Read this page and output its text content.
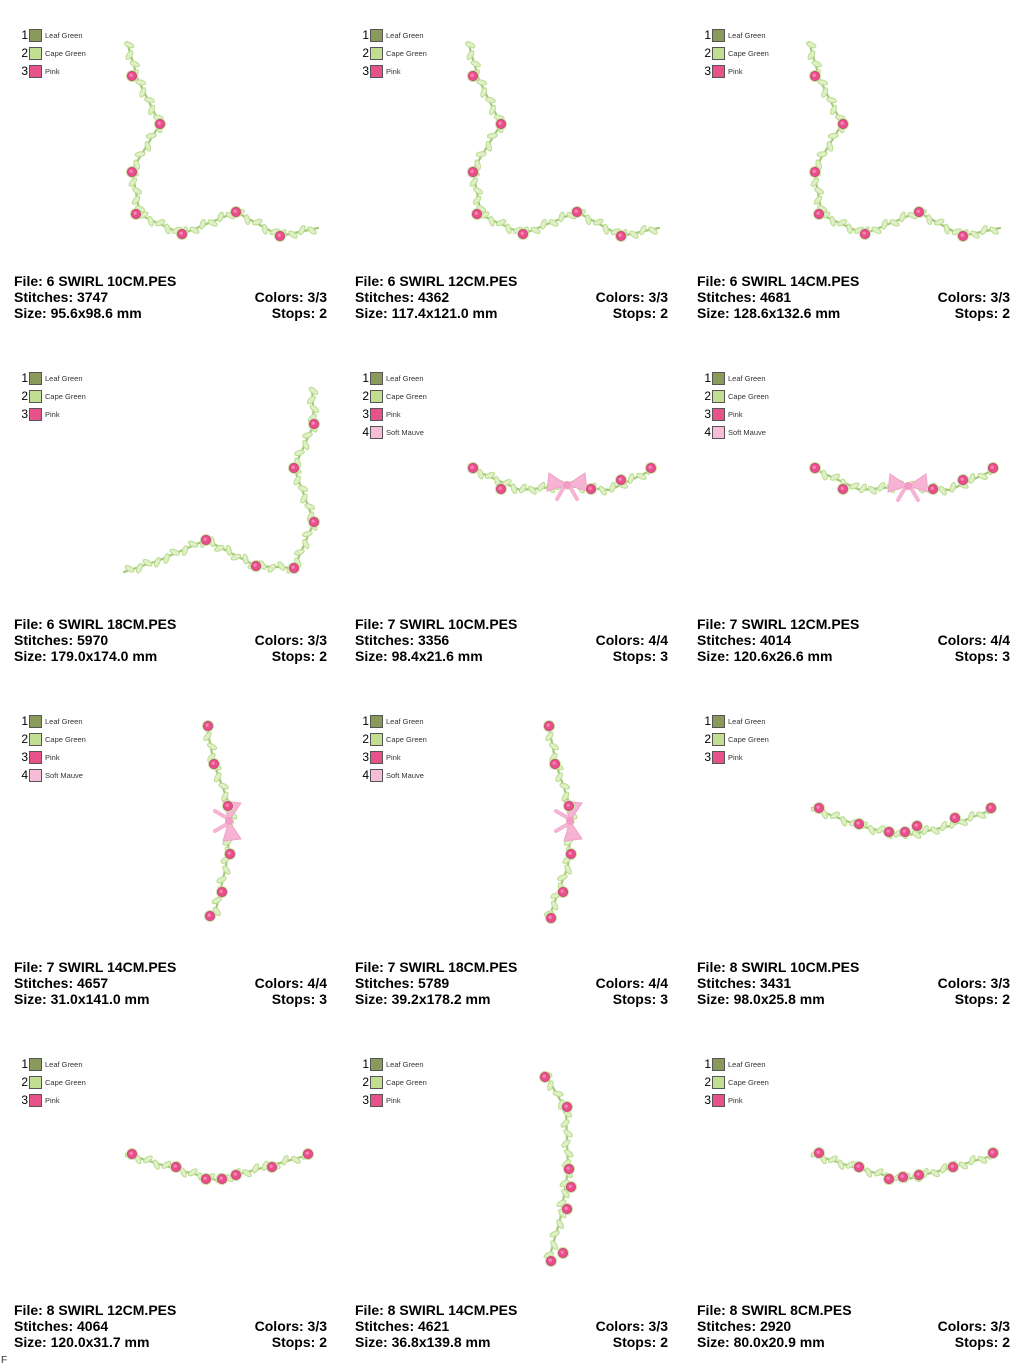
1 Leaf Green
2 Cape Green
3 Pink
File: 6 SWIRL 10CM.PES
Stitches: 3747	Colors: 3/3
Size: 95.6x98.6 mm	Stops: 2
1 Leaf Green
2 Cape Green
3 Pink
File: 6 SWIRL 12CM.PES
Stitches: 4362	Colors: 3/3
Size: 117.4x121.0 mm	Stops: 2
1 Leaf Green
2 Cape Green
3 Pink
File: 6 SWIRL 14CM.PES
Stitches: 4681	Colors: 3/3
Size: 128.6x132.6 mm	Stops: 2
1 Leaf Green
2 Cape Green
3 Pink
File: 6 SWIRL 18CM.PES
Stitches: 5970	Colors: 3/3
Size: 179.0x174.0 mm	Stops: 2
1 Leaf Green
2 Cape Green
3 Pink
4 Soft Mauve
File: 7 SWIRL 10CM.PES
Stitches: 3356	Colors: 4/4
Size: 98.4x21.6 mm	Stops: 3
1 Leaf Green
2 Cape Green
3 Pink
4 Soft Mauve
File: 7 SWIRL 12CM.PES
Stitches: 4014	Colors: 4/4
Size: 120.6x26.6 mm	Stops: 3
1 Leaf Green
2 Cape Green
3 Pink
4 Soft Mauve
File: 7 SWIRL 14CM.PES
Stitches: 4657	Colors: 4/4
Size: 31.0x141.0 mm	Stops: 3
1 Leaf Green
2 Cape Green
3 Pink
4 Soft Mauve
File: 7 SWIRL 18CM.PES
Stitches: 5789	Colors: 4/4
Size: 39.2x178.2 mm	Stops: 3
1 Leaf Green
2 Cape Green
3 Pink
File: 8 SWIRL 10CM.PES
Stitches: 3431	Colors: 3/3
Size: 98.0x25.8 mm	Stops: 2
1 Leaf Green
2 Cape Green
3 Pink
File: 8 SWIRL 12CM.PES
Stitches: 4064	Colors: 3/3
Size: 120.0x31.7 mm	Stops: 2
1 Leaf Green
2 Cape Green
3 Pink
File: 8 SWIRL 14CM.PES
Stitches: 4621	Colors: 3/3
Size: 36.8x139.8 mm	Stops: 2
1 Leaf Green
2 Cape Green
3 Pink
File: 8 SWIRL 8CM.PES
Stitches: 2920	Colors: 3/3
Size: 80.0x20.9 mm	Stops: 2
F
